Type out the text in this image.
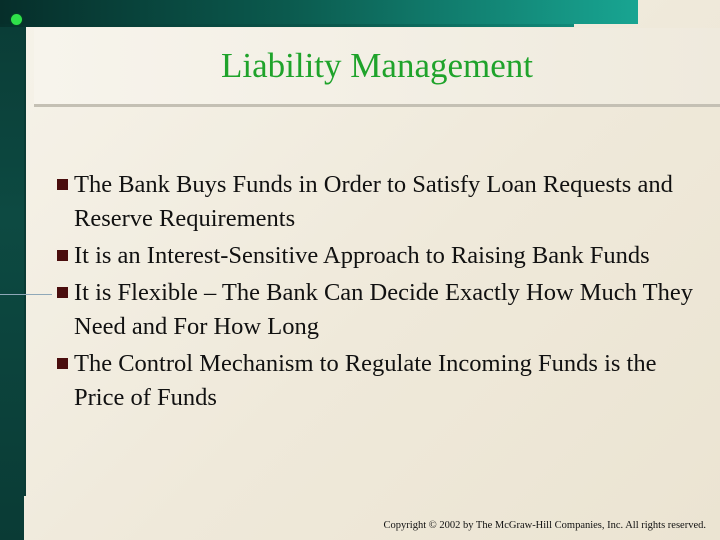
Liability Management
The Bank Buys Funds in Order to Satisfy Loan Requests and Reserve Requirements
It is an Interest-Sensitive Approach to Raising Bank Funds
It is Flexible – The Bank Can Decide Exactly How Much They Need and For How Long
The Control Mechanism to Regulate Incoming Funds is the Price of Funds
Copyright © 2002 by The McGraw-Hill Companies, Inc. All rights reserved.
